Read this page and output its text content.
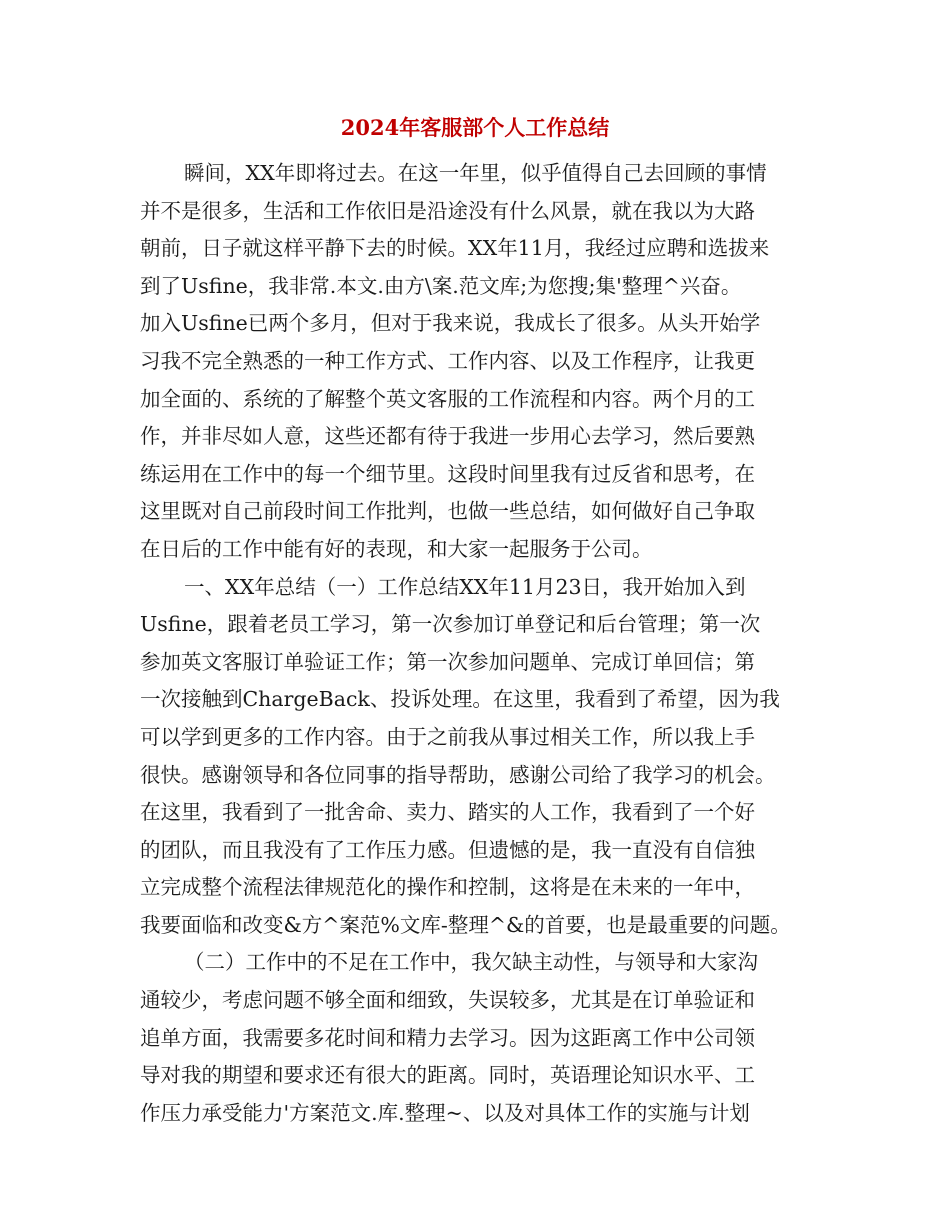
2024年客服部个人工作总结
瞬间，XX年即将过去。在这一年里，似乎值得自己去回顾的事情
并不是很多，生活和工作依旧是沿途没有什么风景，就在我以为大路
朝前，日子就这样平静下去的时候。XX年11月，我经过应聘和选拔来
到了Usfine，我非常.本文.由方\案.范文库;为您搜;集'整理^兴奋。
加入Usfine已两个多月，但对于我来说，我成长了很多。从头开始学
习我不完全熟悉的一种工作方式、工作内容、以及工作程序，让我更
加全面的、系统的了解整个英文客服的工作流程和内容。两个月的工
作，并非尽如人意，这些还都有待于我进一步用心去学习，然后要熟
练运用在工作中的每一个细节里。这段时间里我有过反省和思考，在
这里既对自己前段时间工作批判，也做一些总结，如何做好自己争取
在日后的工作中能有好的表现，和大家一起服务于公司。
一、XX年总结（一）工作总结XX年11月23日，我开始加入到
Usfine，跟着老员工学习，第一次参加订单登记和后台管理；第一次
参加英文客服订单验证工作；第一次参加问题单、完成订单回信；第
一次接触到ChargeBack、投诉处理。在这里，我看到了希望，因为我
可以学到更多的工作内容。由于之前我从事过相关工作，所以我上手
很快。感谢领导和各位同事的指导帮助，感谢公司给了我学习的机会。
在这里，我看到了一批舍命、卖力、踏实的人工作，我看到了一个好
的团队，而且我没有了工作压力感。但遗憾的是，我一直没有自信独
立完成整个流程法律规范化的操作和控制，这将是在未来的一年中，
我要面临和改变&方^案范%文库-整理^&的首要，也是最重要的问题。
（二）工作中的不足在工作中，我欠缺主动性，与领导和大家沟
通较少，考虑问题不够全面和细致，失误较多，尤其是在订单验证和
追单方面，我需要多花时间和精力去学习。因为这距离工作中公司领
导对我的期望和要求还有很大的距离。同时，英语理论知识水平、工
作压力承受能力'方案范文.库.整理~、以及对具体工作的实施与计划
